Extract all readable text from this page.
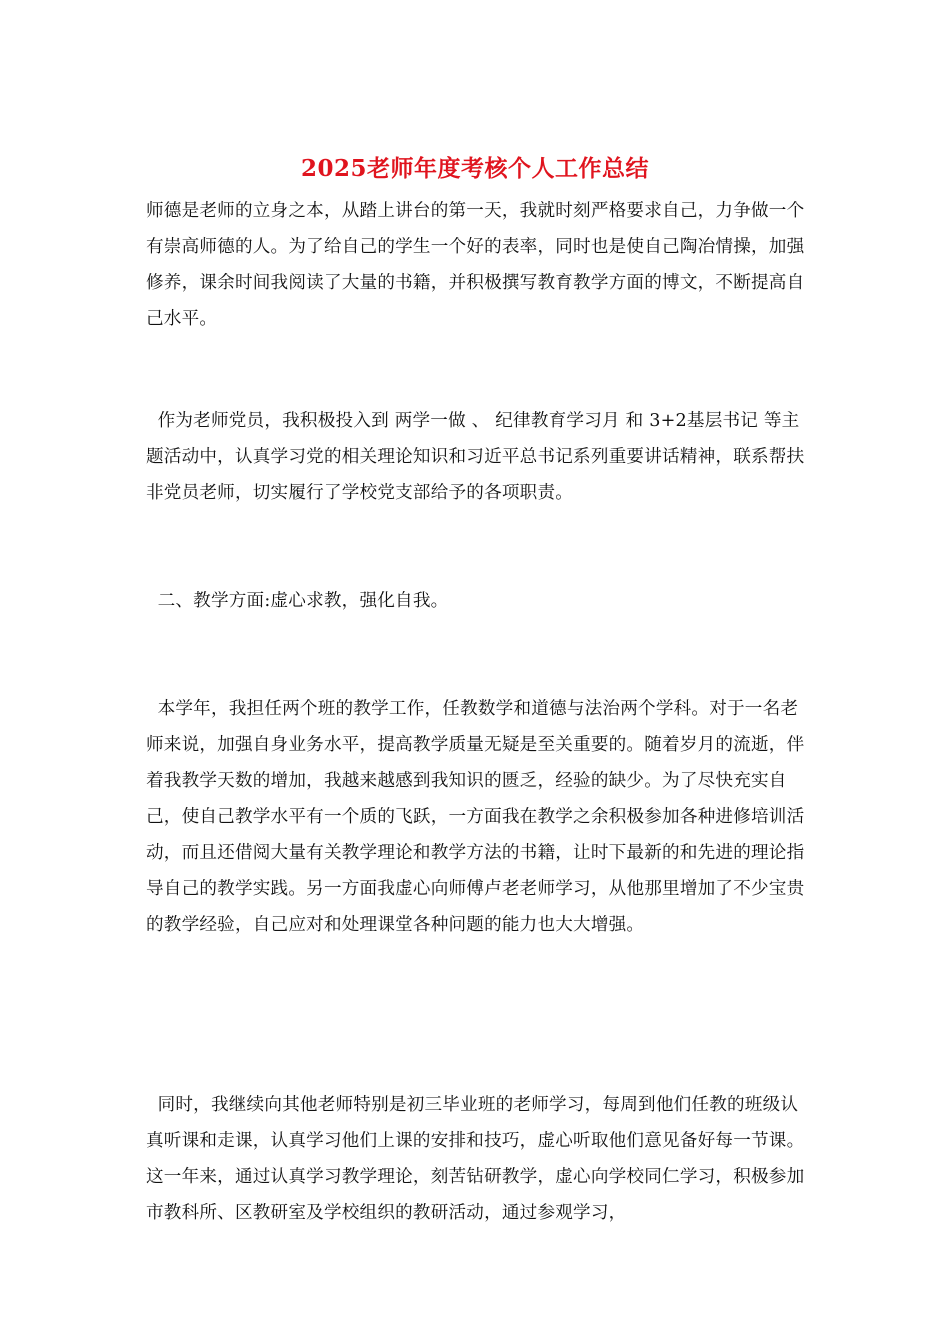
2025老师年度考核个人工作总结

师德是老师的立身之本，从踏上讲台的第一天，我就时刻严格要求自己，力争做一个有崇高师德的人。为了给自己的学生一个好的表率，同时也是使自己陶冶情操，加强修养，课余时间我阅读了大量的书籍，并积极撰写教育教学方面的博文，不断提高自己水平。

作为老师党员，我积极投入到 两学一做 、 纪律教育学习月 和 3+2基层书记 等主题活动中，认真学习党的相关理论知识和习近平总书记系列重要讲话精神，联系帮扶非党员老师，切实履行了学校党支部给予的各项职责。

二、教学方面:虚心求教，强化自我。

本学年，我担任两个班的教学工作，任教数学和道德与法治两个学科。对于一名老师来说，加强自身业务水平，提高教学质量无疑是至关重要的。随着岁月的流逝，伴着我教学天数的增加，我越来越感到我知识的匮乏，经验的缺少。为了尽快充实自己，使自己教学水平有一个质的飞跃，一方面我在教学之余积极参加各种进修培训活动，而且还借阅大量有关教学理论和教学方法的书籍，让时下最新的和先进的理论指导自己的教学实践。另一方面我虚心向师傅卢老老师学习，从他那里增加了不少宝贵的教学经验，自己应对和处理课堂各种问题的能力也大大增强。

同时，我继续向其他老师特别是初三毕业班的老师学习，每周到他们任教的班级认真听课和走课，认真学习他们上课的安排和技巧，虚心听取他们意见备好每一节课。这一年来，通过认真学习教学理论，刻苦钻研教学，虚心向学校同仁学习，积极参加市教科所、区教研室及学校组织的教研活动，通过参观学习，
